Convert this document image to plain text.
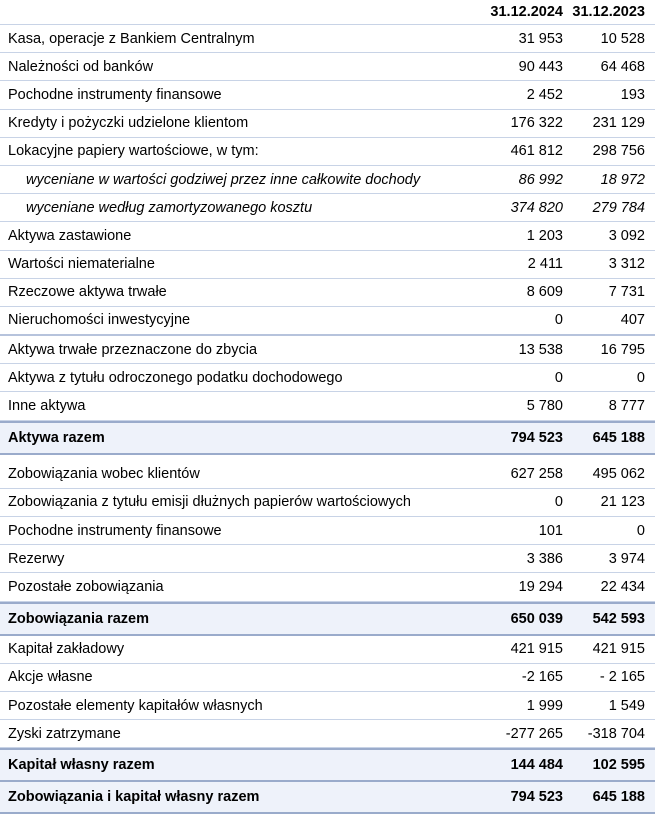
31.12.2024 31.12.2023
Kasa, operacje z Bankiem Centralnym	31 953	10 528
Należności od banków	90 443	64 468
Pochodne instrumenty finansowe	2 452	193
Kredyty i pożyczki udzielone klientom	176 322	231 129
Lokacyjne papiery wartościowe, w tym:	461 812	298 756
wyceniane w wartości godziwej przez inne całkowite dochody	86 992	18 972
wyceniane według zamortyzowanego kosztu	374 820	279 784
Aktywa zastawione	1 203	3 092
Wartości niematerialne	2 411	3 312
Rzeczowe aktywa trwałe	8 609	7 731
Nieruchomości inwestycyjne	0	407
Aktywa trwałe przeznaczone do zbycia	13 538	16 795
Aktywa z tytułu odroczonego podatku dochodowego	0	0
Inne aktywa	5 780	8 777
Aktywa razem	794 523	645 188
Zobowiązania wobec klientów	627 258	495 062
Zobowiązania z tytułu emisji dłużnych papierów wartościowych	0	21 123
Pochodne instrumenty finansowe	101	0
Rezerwy	3 386	3 974
Pozostałe zobowiązania	19 294	22 434
Zobowiązania razem	650 039	542 593
Kapitał zakładowy	421 915	421 915
Akcje własne	-2 165	- 2 165
Pozostałe elementy kapitałów własnych	1 999	1 549
Zyski zatrzymane	-277 265	-318 704
Kapitał własny razem	144 484	102 595
Zobowiązania i kapitał własny razem	794 523	645 188
